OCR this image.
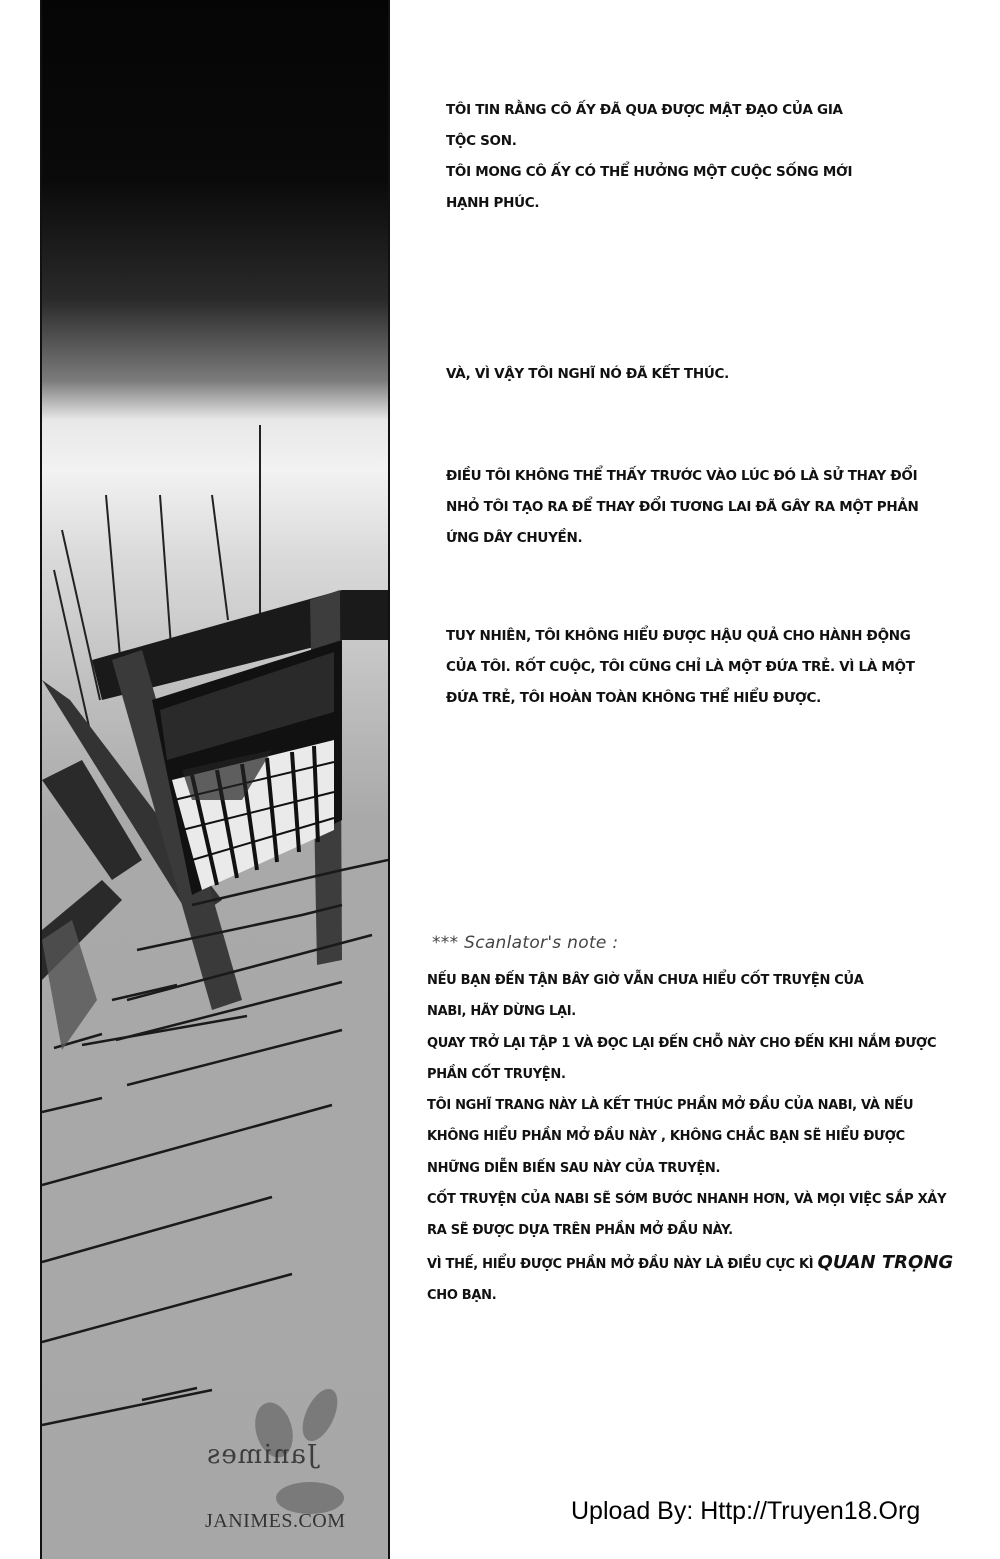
TÔI TIN RẰNG CÔ ẤY ĐÃ QUA ĐƯỢC MẬT ĐẠO CỦA GIA
TỘC SON.
TÔI MONG CÔ ẤY CÓ THỂ HƯỞNG MỘT CUỘC SỐNG MỚI
HẠNH PHÚC.
VÀ, VÌ VẬY TÔI NGHĨ NÓ ĐÃ KẾT THÚC.
ĐIỀU TÔI KHÔNG THỂ THẤY TRƯỚC VÀO LÚC ĐÓ LÀ SỬ THAY ĐỔI
NHỎ TÔI TẠO RA ĐỂ THAY ĐỔI TƯƠNG LAI ĐÃ GÂY RA MỘT PHẢN
ỨNG DÂY CHUYỀN.
TUY NHIÊN, TÔI KHÔNG HIỂU ĐƯỢC HẬU QUẢ CHO HÀNH ĐỘNG
CỦA TÔI. RỐT CUỘC, TÔI CŨNG CHỈ LÀ MỘT ĐỨA TRẺ. VÌ LÀ MỘT
ĐỨA TRẺ, TÔI HOÀN TOÀN KHÔNG THỂ HIỂU ĐƯỢC.
*** Scanlator's note :
NẾU BẠN ĐẾN TẬN BÂY GIỜ VẪN CHƯA HIỂU CỐT TRUYỆN CỦA
NABI, HÃY DỪNG LẠI.
QUAY TRỞ LẠI TẬP 1 VÀ ĐỌC LẠI ĐẾN CHỖ NÀY CHO ĐẾN KHI NẮM ĐƯỢC
PHẦN CỐT TRUYỆN.
TÔI NGHĨ TRANG NÀY LÀ KẾT THÚC PHẦN MỞ ĐẦU CỦA NABI, VÀ NẾU
KHÔNG HIỂU PHẦN MỞ ĐẦU NÀY , KHÔNG CHẮC BẠN SẼ HIỂU ĐƯỢC
NHỮNG DIỄN BIẾN SAU NÀY CỦA TRUYỆN.
CỐT TRUYỆN CỦA NABI SẼ SỚM BƯỚC NHANH HƠN, VÀ MỌI VIỆC SẮP XẢY
RA SẼ ĐƯỢC DỰA TRÊN PHẦN MỞ ĐẦU NÀY.
VÌ THẾ, HIỂU ĐƯỢC PHẦN MỞ ĐẦU NÀY LÀ ĐIỀU CỰC KÌ QUAN TRỌNG
CHO BẠN.
Janimes
JANIMES.COM	Upload By: Http://Truyen18.Org
